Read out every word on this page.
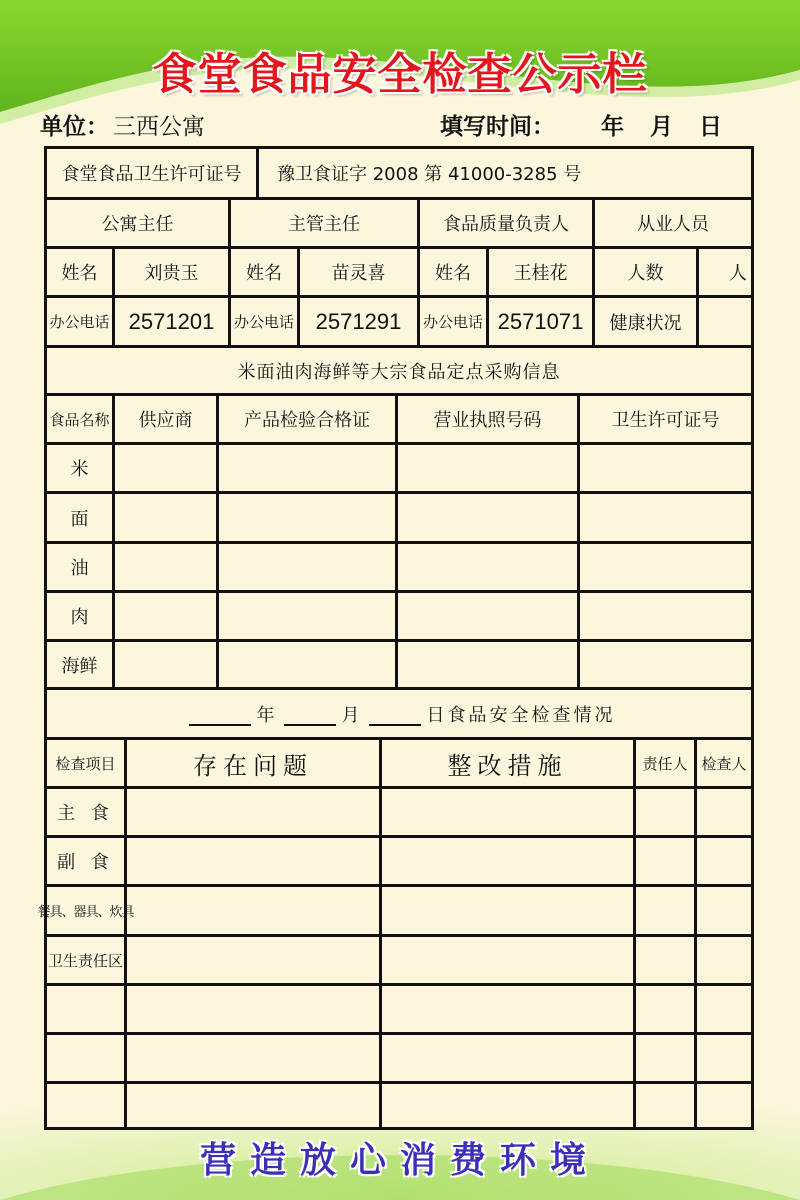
食堂食品安全检查公示栏
单位： 三西公寓	填写时间： 年 月 日
食堂食品卫生许可证号	豫卫食证字 2008 第 41000-3285 号
公寓主任	主管主任	食品质量负责人	从业人员
姓名	刘贵玉	姓名	苗灵喜	姓名	王桂花	人数	人
办公电话 2571201	办公电话 2571291	办公电话 2571071	健康状况
米面油肉海鲜等大宗食品定点采购信息
食品名称	供应商	产品检验合格证	营业执照号码	卫生许可证号
米
面
油
肉
海鲜
年	月	日食品安全检查情况
检查项目	存在问题	整改措施	责任人 检查人
主 食
副 食
餐具、器具、炊具
卫生责任区
营造放心消费环境
